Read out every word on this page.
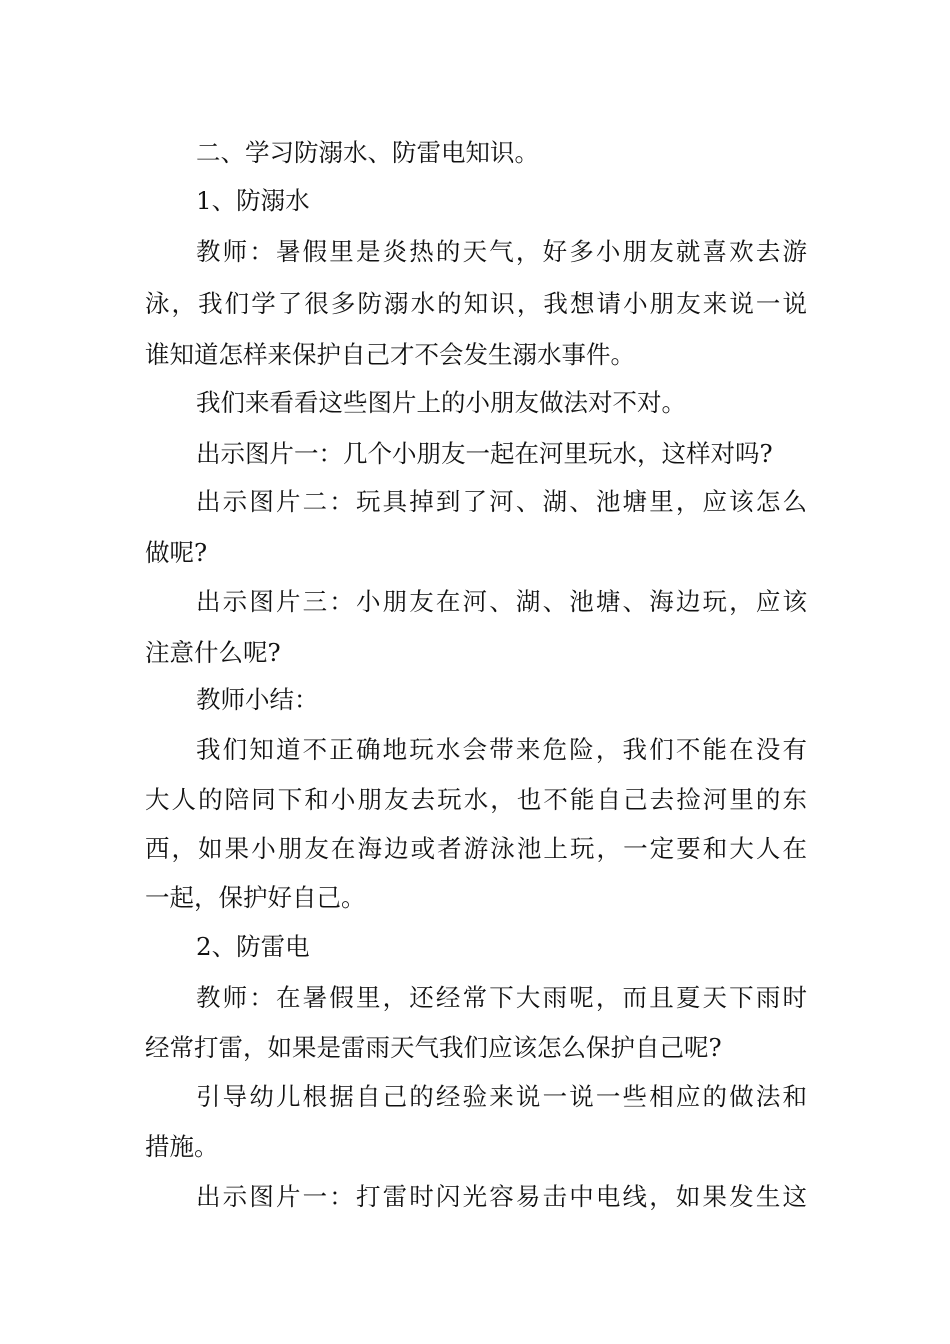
二、学习防溺水、防雷电知识。
1、防溺水
教师：暑假里是炎热的天气，好多小朋友就喜欢去游
泳，我们学了很多防溺水的知识，我想请小朋友来说一说
谁知道怎样来保护自己才不会发生溺水事件。
我们来看看这些图片上的小朋友做法对不对。
出示图片一：几个小朋友一起在河里玩水，这样对吗?
出示图片二：玩具掉到了河、湖、池塘里，应该怎么
做呢?
出示图片三：小朋友在河、湖、池塘、海边玩，应该
注意什么呢?
教师小结：
我们知道不正确地玩水会带来危险，我们不能在没有
大人的陪同下和小朋友去玩水，也不能自己去捡河里的东
西，如果小朋友在海边或者游泳池上玩，一定要和大人在
一起，保护好自己。
2、防雷电
教师：在暑假里，还经常下大雨呢，而且夏天下雨时
经常打雷，如果是雷雨天气我们应该怎么保护自己呢?
引导幼儿根据自己的经验来说一说一些相应的做法和
措施。
出示图片一：打雷时闪光容易击中电线，如果发生这
